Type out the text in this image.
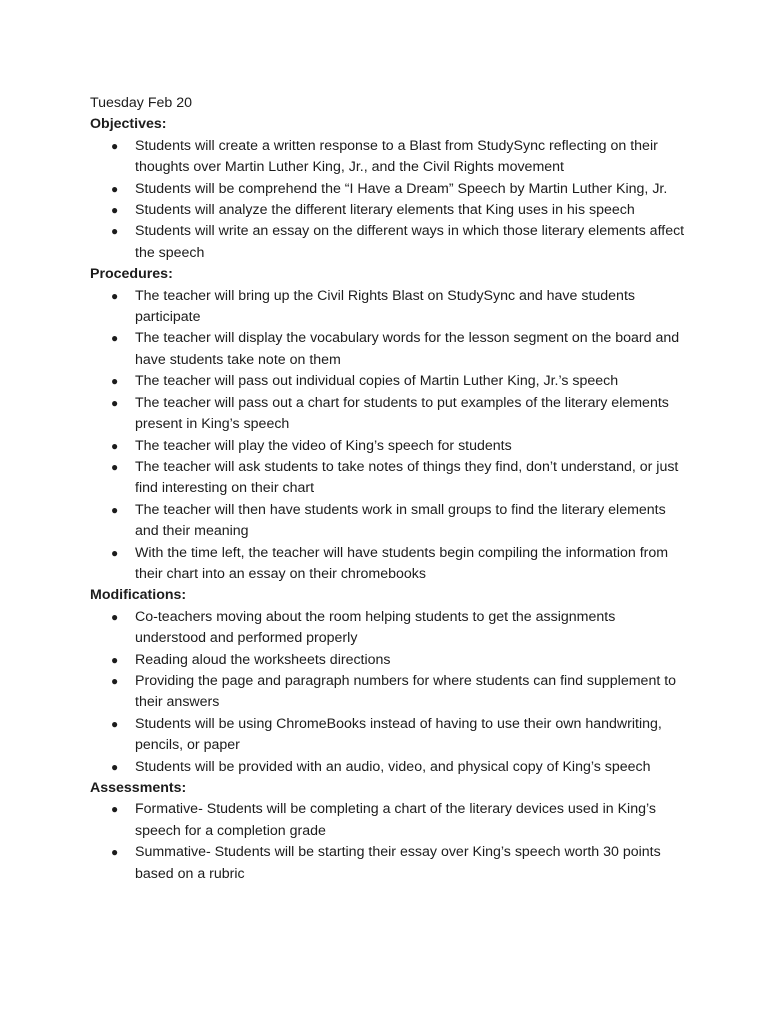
Tuesday Feb 20

Objectives:

● Students will create a written response to a Blast from StudySync reflecting on their thoughts over Martin Luther King, Jr., and the Civil Rights movement
● Students will be comprehend the “I Have a Dream” Speech by Martin Luther King, Jr.
● Students will analyze the different literary elements that King uses in his speech
● Students will write an essay on the different ways in which those literary elements affect the speech

Procedures:

● The teacher will bring up the Civil Rights Blast on StudySync and have students participate
● The teacher will display the vocabulary words for the lesson segment on the board and have students take note on them
● The teacher will pass out individual copies of Martin Luther King, Jr.’s speech
● The teacher will pass out a chart for students to put examples of the literary elements present in King’s speech
● The teacher will play the video of King’s speech for students
● The teacher will ask students to take notes of things they find, don’t understand, or just find interesting on their chart
● The teacher will then have students work in small groups to find the literary elements and their meaning
● With the time left, the teacher will have students begin compiling the information from their chart into an essay on their chromebooks

Modifications:

● Co-teachers moving about the room helping students to get the assignments understood and performed properly
● Reading aloud the worksheets directions
● Providing the page and paragraph numbers for where students can find supplement to their answers
● Students will be using ChromeBooks instead of having to use their own handwriting, pencils, or paper
● Students will be provided with an audio, video, and physical copy of King’s speech

Assessments:

● Formative- Students will be completing a chart of the literary devices used in King’s speech for a completion grade
● Summative- Students will be starting their essay over King’s speech worth 30 points based on a rubric
